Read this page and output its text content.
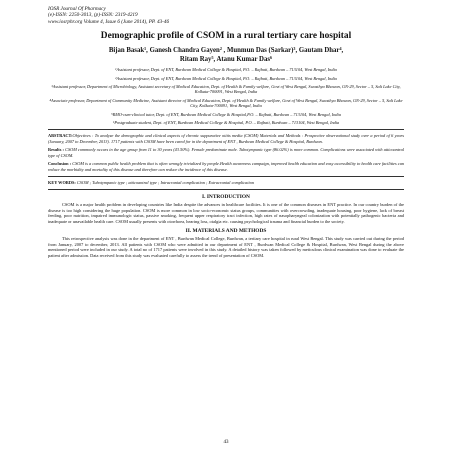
IOSR Journal Of Pharmacy
(e)-ISSN: 2250-3013, (p)-ISSN: 2319-4219
www.iosrphr.org Volume 4, Issue 6 (June 2014), PP. 43-46
Demographic profile of CSOM in a rural tertiary care hospital
Bijan Basak¹, Ganesh Chandra Gayen² , Munmun Das (Sarkar)³, Gautam Dhar⁴,
Ritam Ray⁵, Atanu Kumar Das⁶

¹Assistant professor, Dept. of ENT, Burdwan Medical College & Hospital, P.O. – Rajbati, Burdwan – 713104, West Bengal, India

²Assistant professor, Dept. of ENT, Burdwan Medical College & Hospital, P.O. – Rajbati, Burdwan – 713104, West Bengal, India

³Assistant professor, Department of Microbiology, Assistant secretary of Medical Education, Dept. of Health & Family welfare, Govt of West Bengal, Swasthya Bhawan, GN-29, Sector – 5, Salt Lake City, Kolkata-700091, West Bengal, India

⁴Associate professor, Department of Community Medicine, Assistant director of Medical Education, Dept. of Health & Family welfare, Govt of West Bengal, Swasthya Bhawan, GN-29, Sector – 5, Salt Lake City, Kolkata-700091, West Bengal, India

⁵RMO-cum-clinical tutor, Dept. of ENT, Burdwan Medical College & Hospital,P.O. – Rajbati, Burdwan – 713104, West Bengal, India

⁶Postgraduate student, Dept. of ENT, Burdwan Medical College & Hospital, P.O. – Rajbati, Burdwan – 713104, West Bengal, India

ABSTRACT:Objectives : To analyze the demographic and clinical aspects of chronic suppurative otitis media (CSOM) Materials and Methods : Prospective observational study over a period of 6 years (January, 2007 to December, 2013). 1717 patients with CSOM have been cared for in the department of ENT , Burdwan Medical College & Hospital, Burdwan.

Results : CSOM commonly occurs in the age group from 11 to 30 years (43.50%). Female predominate male. Tubotympanic type (86.02%) is more common. Complications were associated with atticoantral type of CSOM.

Conclusion : CSOM is a common public health problem that is often wrongly trivialized by people.Health awareness campaign, improved health education and easy accessibility to health care facilities can reduce the morbidity and mortality of this disease and therefore can reduce the incidence of this disease.

KEY WORDS: CSOM ; Tubotympanic type ; atticoantral type ; Intracranial complication ; Extracranial complication

I. INTRODUCTION

CSOM is a major health problem in developing countries like India despite the advances in healthcare facilities. It is one of the common diseases in ENT practice. In our country burden of the disease is too high considering the huge population. CSOM is more common in low socio-economic status groups, communities with overcrowding, inadequate housing, poor hygiene, lack of breast feeding, poor nutrition, impaired immunologic status, passive smoking, frequent upper respiratory tract infection, high rates of nasopharyngeal colonization with potentially pathogenic bacteria and inadequate or unavailable health care. CSOM usually presents with otorrhoea, hearing loss, otalgia etc. causing psychological trauma and financial burden to the society.

II. MATERIALS AND METHODS

This retrospective analysis was done in the department of ENT , Burdwan Medical College, Burdwan, a tertiary care hospital in rural West Bengal. This study was carried out during the period from January, 2007 to december, 2013. All patients with CSOM who were admitted in our department of ENT , Burdwan Medical College & Hospital, Burdwan, West Bengal during the above mentioned period were included in our study. A total no of 1717 patients were involved in this study. A detailed history was taken followed by meticulous clinical examination was done to evaluate the patient after admission. Data received from this study was evaluated carefully to assess the trend of presentation of CSOM.

43
